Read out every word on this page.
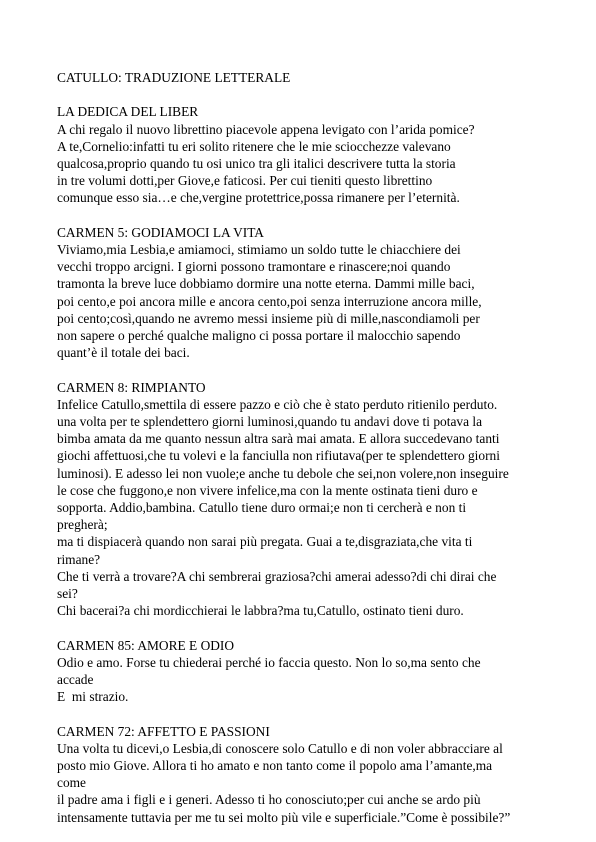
CATULLO: TRADUZIONE LETTERALE
LA DEDICA DEL LIBER
A chi regalo il nuovo librettino piacevole appena levigato con l’arida pomice?
A te,Cornelio:infatti tu eri solito ritenere che le mie sciocchezze valevano
qualcosa,proprio quando tu osi unico tra gli italici descrivere tutta la storia
in tre volumi dotti,per Giove,e faticosi. Per cui tieniti questo librettino
comunque esso sia…e che,vergine protettrice,possa rimanere per l’eternità.
CARMEN 5: GODIAMOCI LA VITA
Viviamo,mia Lesbia,e amiamoci, stimiamo un soldo tutte le chiacchiere dei
vecchi troppo arcigni. I giorni possono tramontare e rinascere;noi quando
tramonta la breve luce dobbiamo dormire una notte eterna. Dammi mille baci,
poi cento,e poi ancora mille e ancora cento,poi senza interruzione ancora mille,
poi cento;così,quando ne avremo messi insieme più di mille,nascondiamoli per
non sapere o perché qualche maligno ci possa portare il malocchio sapendo
quant’è il totale dei baci.
CARMEN 8: RIMPIANTO
Infelice Catullo,smettila di essere pazzo e ciò che è stato perduto ritienilo perduto.
una volta per te splendettero giorni luminosi,quando tu andavi dove ti potava la
bimba amata da me quanto nessun altra sarà mai amata. E allora succedevano tanti
giochi affettuosi,che tu volevi e la fanciulla non rifiutava(per te splendettero giorni
luminosi). E adesso lei non vuole;e anche tu debole che sei,non volere,non inseguire
le cose che fuggono,e non vivere infelice,ma con la mente ostinata tieni duro e
sopporta. Addio,bambina. Catullo tiene duro ormai;e non ti cercherà e non ti
pregherà;
ma ti dispiacerà quando non sarai più pregata. Guai a te,disgraziata,che vita ti
rimane?
Che ti verrà a trovare?A chi sembrerai graziosa?chi amerai adesso?di chi dirai che
sei?
Chi bacerai?a chi mordicchierai le labbra?ma tu,Catullo, ostinato tieni duro.
CARMEN 85: AMORE E ODIO
Odio e amo. Forse tu chiederai perché io faccia questo. Non lo so,ma sento che
accade
E  mi strazio.
CARMEN 72: AFFETTO E PASSIONI
Una volta tu dicevi,o Lesbia,di conoscere solo Catullo e di non voler abbracciare al
posto mio Giove. Allora ti ho amato e non tanto come il popolo ama l’amante,ma
come
il padre ama i figli e i generi. Adesso ti ho conosciuto;per cui anche se ardo più
intensamente tuttavia per me tu sei molto più vile e superficiale.”Come è possibile?”
